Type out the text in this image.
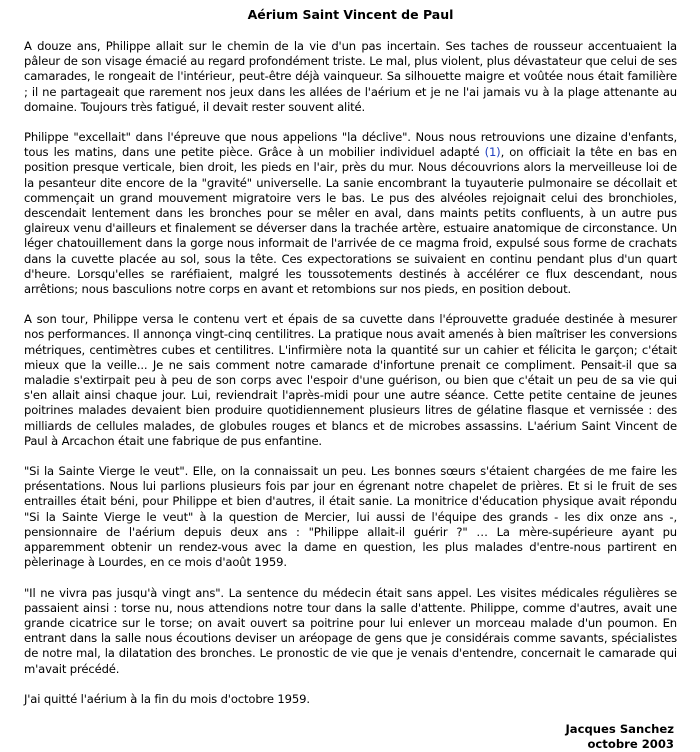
Aérium Saint Vincent de Paul

A douze ans, Philippe allait sur le chemin de la vie d'un pas incertain. Ses taches de rousseur accentuaient la pâleur de son visage émacié au regard profondément triste. Le mal, plus violent, plus dévastateur que celui de ses camarades, le rongeait de l'intérieur, peut-être déjà vainqueur. Sa silhouette maigre et voûtée nous était familière ; il ne partageait que rarement nos jeux dans les allées de l'aérium et je ne l'ai jamais vu à la plage attenante au domaine. Toujours très fatigué, il devait rester souvent alité.

Philippe "excellait" dans l'épreuve que nous appelions "la déclive". Nous nous retrouvions une dizaine d'enfants, tous les matins, dans une petite pièce. Grâce à un mobilier individuel adapté (1), on officiait la tête en bas en position presque verticale, bien droit, les pieds en l'air, près du mur. Nous découvrions alors la merveilleuse loi de la pesanteur dite encore de la "gravité" universelle. La sanie encombrant la tuyauterie pulmonaire se décollait et commençait un grand mouvement migratoire vers le bas. Le pus des alvéoles rejoignait celui des bronchioles, descendait lentement dans les bronches pour se mêler en aval, dans maints petits confluents, à un autre pus glaireux venu d'ailleurs et finalement se déverser dans la trachée artère, estuaire anatomique de circonstance. Un léger chatouillement dans la gorge nous informait de l'arrivée de ce magma froid, expulsé sous forme de crachats dans la cuvette placée au sol, sous la tête. Ces expectorations se suivaient en continu pendant plus d'un quart d'heure. Lorsqu'elles se raréfiaient, malgré les toussotements destinés à accélérer ce flux descendant, nous arrêtions; nous basculions notre corps en avant et retombions sur nos pieds, en position debout.

A son tour, Philippe versa le contenu vert et épais de sa cuvette dans l'éprouvette graduée destinée à mesurer nos performances. Il annonça vingt-cinq centilitres. La pratique nous avait amenés à bien maîtriser les conversions métriques, centimètres cubes et centilitres. L'infirmière nota la quantité sur un cahier et félicita le garçon; c'était mieux que la veille... Je ne sais comment notre camarade d'infortune prenait ce compliment. Pensait-il que sa maladie s'extirpait peu à peu de son corps avec l'espoir d'une guérison, ou bien que c'était un peu de sa vie qui s'en allait ainsi chaque jour. Lui, reviendrait l'après-midi pour une autre séance. Cette petite centaine de jeunes poitrines malades devaient bien produire quotidiennement plusieurs litres de gélatine flasque et vernissée : des milliards de cellules malades, de globules rouges et blancs et de microbes assassins. L'aérium Saint Vincent de Paul à Arcachon était une fabrique de pus enfantine.

"Si la Sainte Vierge le veut". Elle, on la connaissait un peu. Les bonnes sœurs s'étaient chargées de me faire les présentations. Nous lui parlions plusieurs fois par jour en égrenant notre chapelet de prières. Et si le fruit de ses entrailles était béni, pour Philippe et bien d'autres, il était sanie. La monitrice d'éducation physique avait répondu "Si la Sainte Vierge le veut" à la question de Mercier, lui aussi de l'équipe des grands - les dix onze ans -, pensionnaire de l'aérium depuis deux ans : "Philippe allait-il guérir ?" … La mère-supérieure ayant pu apparemment obtenir un rendez-vous avec la dame en question, les plus malades d'entre-nous partirent en pèlerinage à Lourdes, en ce mois d'août 1959.

"Il ne vivra pas jusqu'à vingt ans". La sentence du médecin était sans appel. Les visites médicales régulières se passaient ainsi : torse nu, nous attendions notre tour dans la salle d'attente. Philippe, comme d'autres, avait une grande cicatrice sur le torse; on avait ouvert sa poitrine pour lui enlever un morceau malade d'un poumon. En entrant dans la salle nous écoutions deviser un aréopage de gens que je considérais comme savants, spécialistes de notre mal, la dilatation des bronches. Le pronostic de vie que je venais d'entendre, concernait le camarade qui m'avait précédé.

J'ai quitté l'aérium à la fin du mois d'octobre 1959.

Jacques Sanchez
octobre 2003
